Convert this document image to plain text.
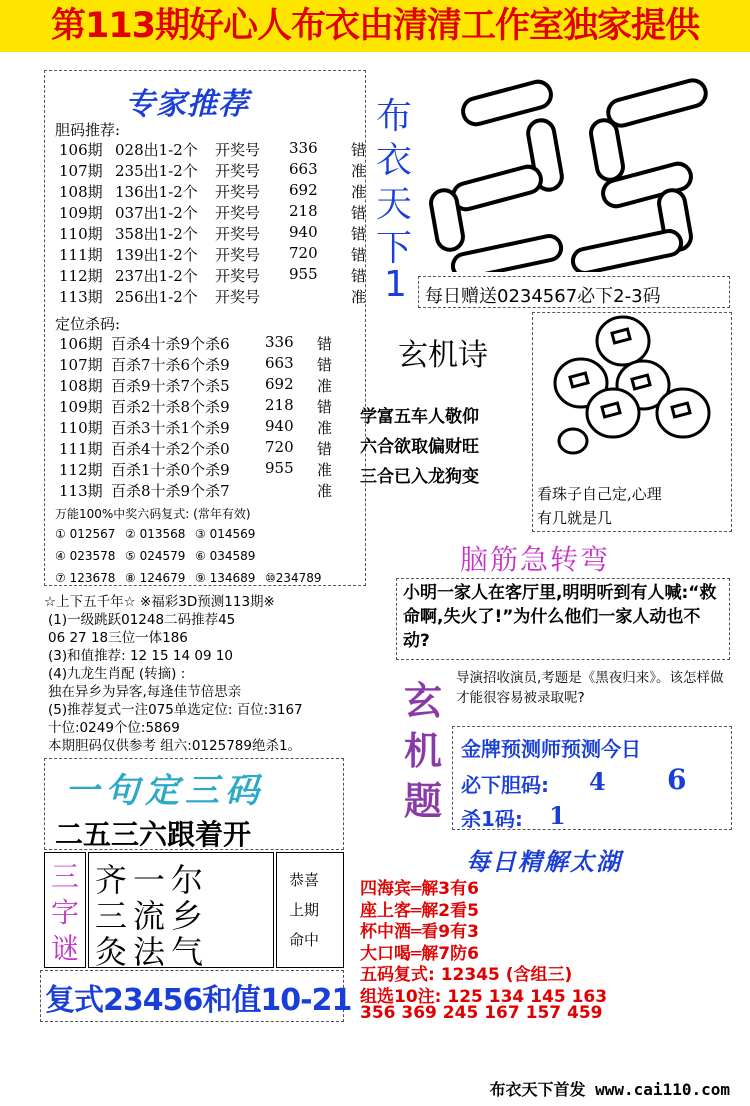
第113期好心人布衣由清清工作室独家提供
专家推荐
胆码推荐:
106期 028出1-2个 开奖号 336 错
107期 235出1-2个 开奖号 663 准
108期 136出1-2个 开奖号 692 准
109期 037出1-2个 开奖号 218 错
110期 358出1-2个 开奖号 940 错
111期 139出1-2个 开奖号 720 错
112期 237出1-2个 开奖号 955 错
113期 256出1-2个 开奖号	准
定位杀码:
106期 百杀4十杀9个杀6 336 错
107期 百杀7十杀6个杀9 663 错
108期 百杀9十杀7个杀5 692 准
109期 百杀2十杀8个杀9 218 错
110期 百杀3十杀1个杀9 940 准
111期 百杀4十杀2个杀0 720 错
112期 百杀1十杀0个杀9 955 准
113期 百杀8十杀9个杀7	准
万能100%中奖六码复式: (常年有效)
① 012567 ② 013568 ③ 014569
④ 023578 ⑤ 024579 ⑥ 034589
⑦ 123678 ⑧ 124679 ⑨ 134689 ⑩234789
☆上下五千年☆ ※福彩3D预测113期※
(1)一级跳跃01248二码推荐45
06 27 18三位一体186
(3)和值推荐: 12 15 14 09 10
(4)九龙生肖配 (转摘) :
独在异乡为异客,每逢佳节倍思亲
(5)推荐复式一注075单选定位: 百位:3167
十位:0249个位:5869
本期胆码仅供参考 组六:0125789绝杀1。
一句定三码
二五三六跟着开
三
字
谜
齐一尔
三流乡
灸法气
恭喜
上期
命中
复式23456和值10-21
布
衣
天
下
1 每日赠送0234567必下2-3码
玄机诗
学富五车人敬仰
六合欲取偏财旺
三合已入龙狗变
看珠子自己定,心理
有几就是几
脑筋急转弯
小明一家人在客厅里,明明听到有人喊:“救命啊,失火了!”为什么他们一家人动也不动?
玄
机
题
导演招收演员,考题是《黑夜归来》。该怎样做才能很容易被录取呢?
金牌预测师预测今日
必下胆码: 4 6
杀1码: 1
每日精解太湖
四海宾═解3有6
座上客═解2看5
杯中酒═看9有3
大口喝═解7防6
五码复式: 12345 (含组三)
组选10注: 125 134 145 163
356 369 245 167 157 459
布衣天下首发 www.cai110.com
